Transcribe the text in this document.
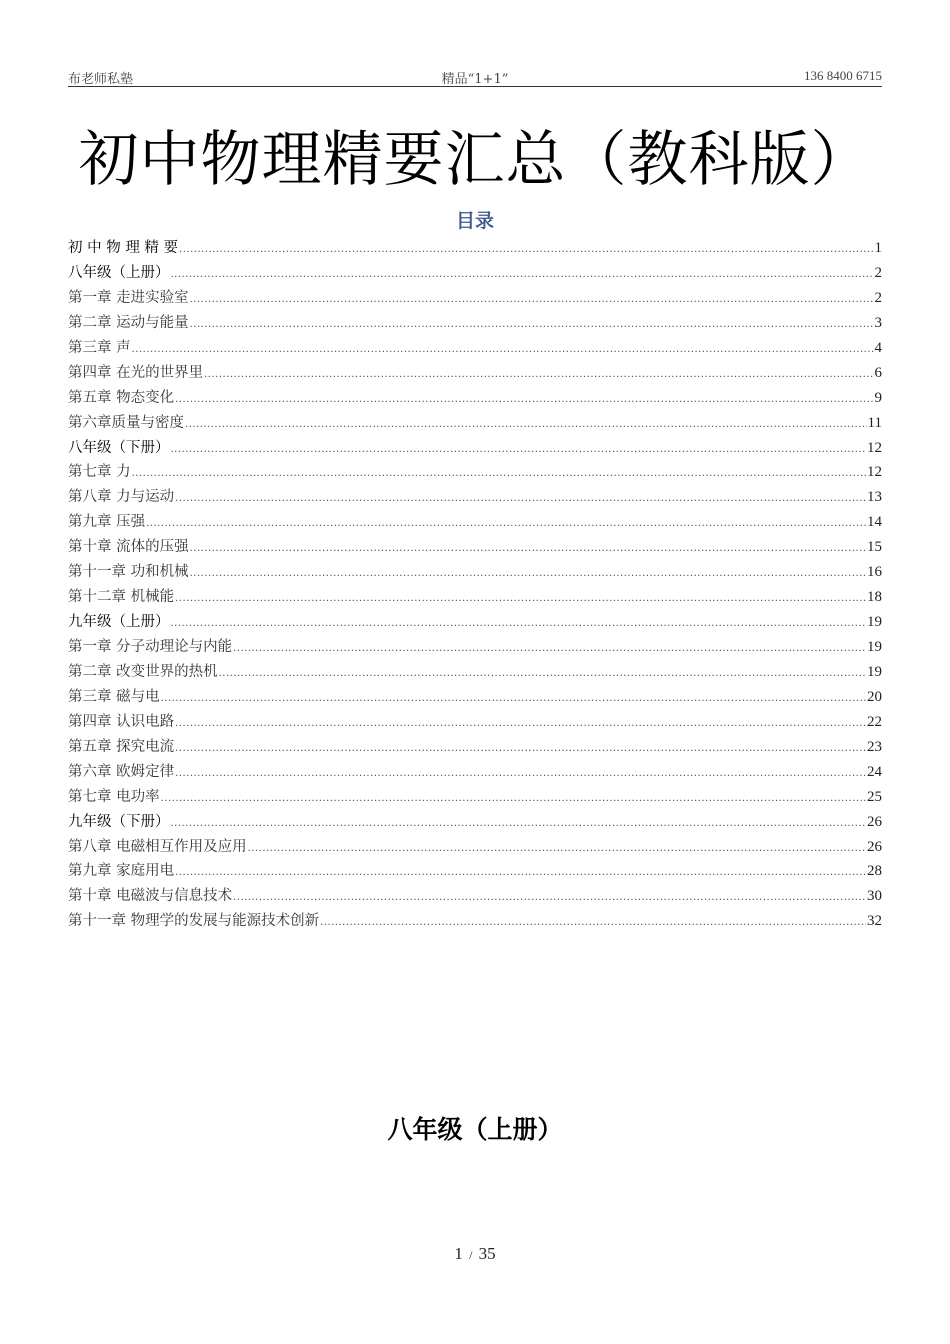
布老师私塾	精品“1+1”	136 8400 6715
初中物理精要汇总（教科版）
目录
初 中 物 理 精 要 .....	1
八年级（上册） .....	2
第一章 走进实验室 .....	2
第二章 运动与能量 .....	3
第三章 声 .....	4
第四章 在光的世界里 .....	6
第五章 物态变化 .....	9
第六章质量与密度 .....	11
八年级（下册） .....	12
第七章 力 .....	12
第八章 力与运动 .....	13
第九章 压强 .....	14
第十章 流体的压强 .....	15
第十一章 功和机械 .....	16
第十二章 机械能 .....	18
九年级（上册） .....	19
第一章 分子动理论与内能 .....	19
第二章 改变世界的热机 .....	19
第三章 磁与电 .....	20
第四章 认识电路 .....	22
第五章 探究电流 .....	23
第六章 欧姆定律 .....	24
第七章 电功率 .....	25
九年级（下册） .....	26
第八章 电磁相互作用及应用 .....	26
第九章 家庭用电 .....	28
第十章 电磁波与信息技术 .....	30
第十一章 物理学的发展与能源技术创新 .....	32
八年级（上册）
1 / 35
